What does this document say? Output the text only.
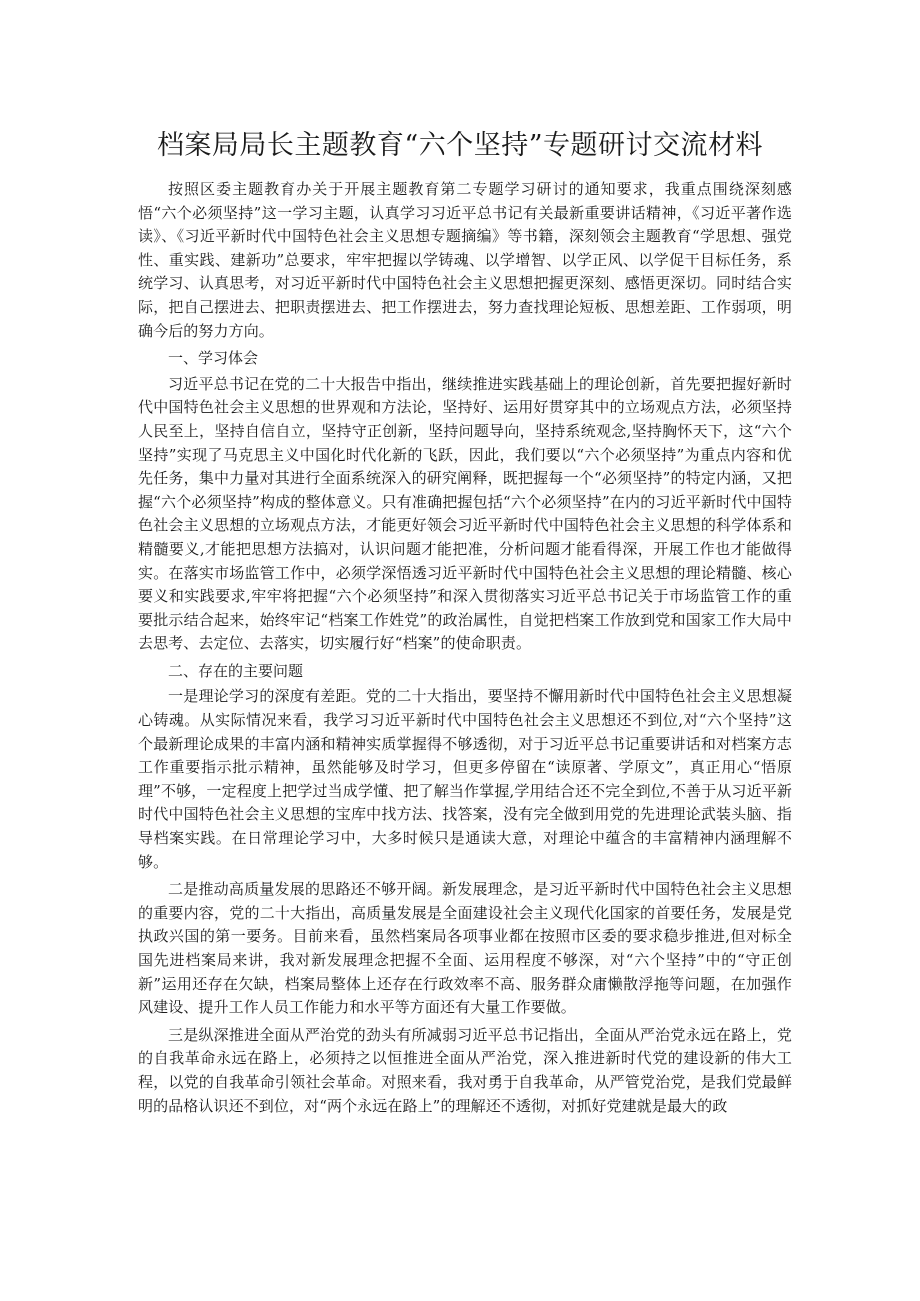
档案局局长主题教育“六个坚持”专题研讨交流材料

按照区委主题教育办关于开展主题教育第二专题学习研讨的通知要求，我重点围绕深刻感悟“六个必须坚持”这一学习主题，认真学习习近平总书记有关最新重要讲话精神，《习近平著作选读》、《习近平新时代中国特色社会主义思想专题摘编》等书籍，深刻领会主题教育“学思想、强党性、重实践、建新功”总要求，牢牢把握以学铸魂、以学增智、以学正风、以学促干目标任务，系统学习、认真思考，对习近平新时代中国特色社会主义思想把握更深刻、感悟更深切。同时结合实际，把自己摆进去、把职责摆进去、把工作摆进去，努力查找理论短板、思想差距、工作弱项，明确今后的努力方向。

一、学习体会

习近平总书记在党的二十大报告中指出，继续推进实践基础上的理论创新，首先要把握好新时代中国特色社会主义思想的世界观和方法论，坚持好、运用好贯穿其中的立场观点方法，必须坚持人民至上，坚持自信自立，坚持守正创新，坚持问题导向，坚持系统观念,坚持胸怀天下，这“六个坚持”实现了马克思主义中国化时代化新的飞跃，因此，我们要以“六个必须坚持”为重点内容和优先任务，集中力量对其进行全面系统深入的研究阐释，既把握每一个“必须坚持”的特定内涵，又把握“六个必须坚持”构成的整体意义。只有准确把握包括“六个必须坚持”在内的习近平新时代中国特色社会主义思想的立场观点方法，才能更好领会习近平新时代中国特色社会主义思想的科学体系和精髓要义,才能把思想方法搞对，认识问题才能把准，分析问题才能看得深，开展工作也才能做得实。在落实市场监管工作中，必须学深悟透习近平新时代中国特色社会主义思想的理论精髓、核心要义和实践要求,牢牢将把握“六个必须坚持”和深入贯彻落实习近平总书记关于市场监管工作的重要批示结合起来，始终牢记“档案工作姓党”的政治属性，自觉把档案工作放到党和国家工作大局中去思考、去定位、去落实，切实履行好“档案”的使命职责。

二、存在的主要问题

一是理论学习的深度有差距。党的二十大指出，要坚持不懈用新时代中国特色社会主义思想凝心铸魂。从实际情况来看，我学习习近平新时代中国特色社会主义思想还不到位,对“六个坚持”这个最新理论成果的丰富内涵和精神实质掌握得不够透彻，对于习近平总书记重要讲话和对档案方志工作重要指示批示精神，虽然能够及时学习，但更多停留在“读原著、学原文”，真正用心“悟原理”不够，一定程度上把学过当成学懂、把了解当作掌握,学用结合还不完全到位,不善于从习近平新时代中国特色社会主义思想的宝库中找方法、找答案，没有完全做到用党的先进理论武装头脑、指导档案实践。在日常理论学习中，大多时候只是通读大意，对理论中蕴含的丰富精神内涵理解不够。

二是推动高质量发展的思路还不够开阔。新发展理念，是习近平新时代中国特色社会主义思想的重要内容，党的二十大指出，高质量发展是全面建设社会主义现代化国家的首要任务，发展是党执政兴国的第一要务。目前来看，虽然档案局各项事业都在按照市区委的要求稳步推进,但对标全国先进档案局来讲，我对新发展理念把握不全面、运用程度不够深，对“六个坚持”中的“守正创新”运用还存在欠缺，档案局整体上还存在行政效率不高、服务群众庸懒散浮拖等问题，在加强作风建设、提升工作人员工作能力和水平等方面还有大量工作要做。

三是纵深推进全面从严治党的劲头有所减弱习近平总书记指出，全面从严治党永远在路上，党的自我革命永远在路上，必须持之以恒推进全面从严治党，深入推进新时代党的建设新的伟大工程，以党的自我革命引领社会革命。对照来看，我对勇于自我革命，从严管党治党，是我们党最鲜明的品格认识还不到位，对“两个永远在路上”的理解还不透彻，对抓好党建就是最大的政
